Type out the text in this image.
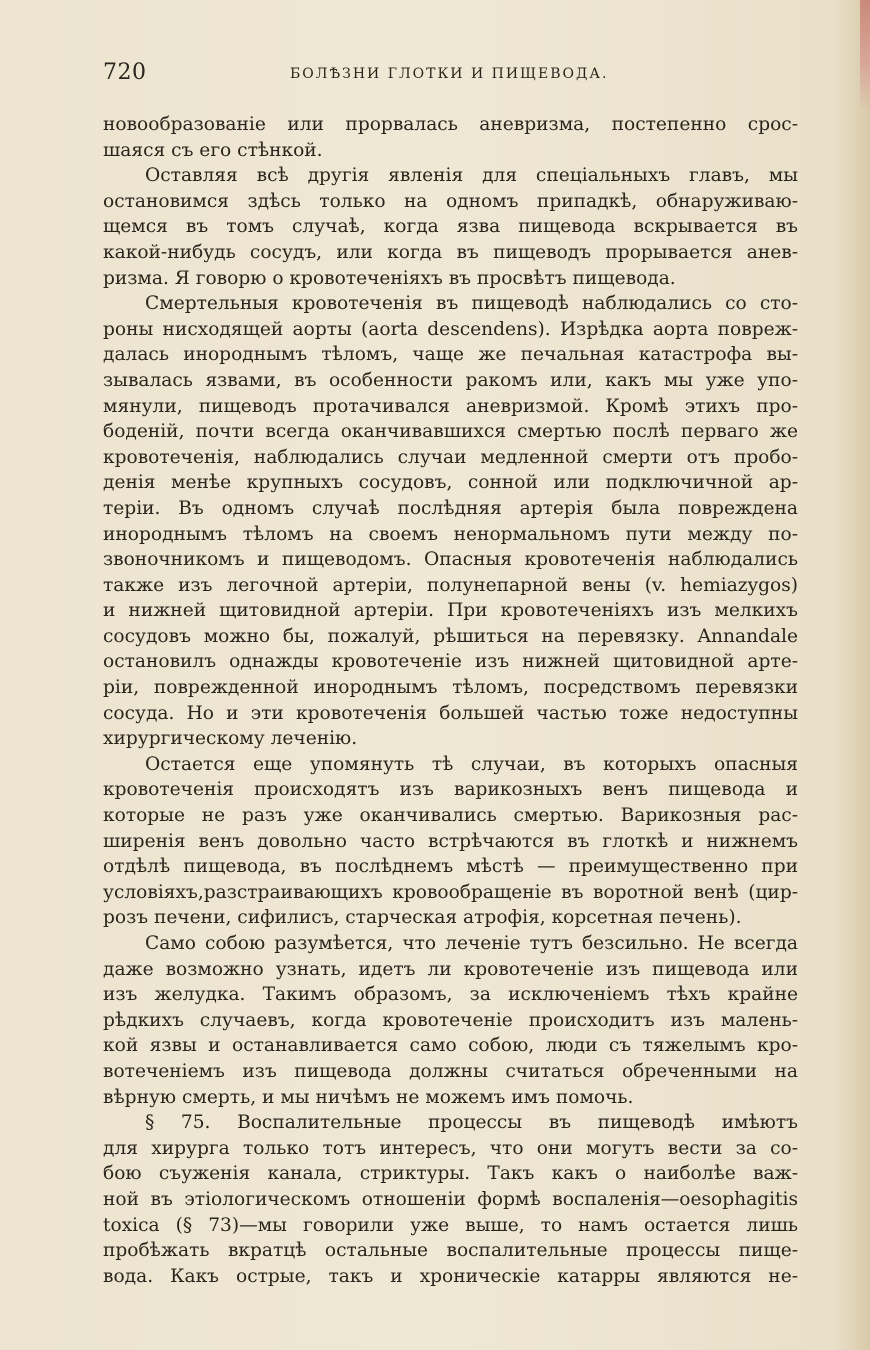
720	БОЛѢЗНИ ГЛОТКИ И ПИЩЕВОДА.
новообразованіе или прорвалась аневризма, постепенно срос-
шаяся съ его стѣнкой.
Оставляя всѣ другія явленія для спеціальныхъ главъ, мы
остановимся здѣсь только на одномъ припадкѣ, обнаруживаю-
щемся въ томъ случаѣ, когда язва пищевода вскрывается въ
какой-нибудь сосудъ, или когда въ пищеводъ прорывается анев-
ризма. Я говорю о кровотеченіяхъ въ просвѣтъ пищевода.
Смертельныя кровотеченія въ пищеводѣ наблюдались со сто-
роны нисходящей аорты (aorta descendens). Изрѣдка аорта повреж-
далась инороднымъ тѣломъ, чаще же печальная катастрофа вы-
зывалась язвами, въ особенности ракомъ или, какъ мы уже упо-
мянули, пищеводъ протачивался аневризмой. Кромѣ этихъ про-
боденій, почти всегда оканчивавшихся смертью послѣ перваго же
кровотеченія, наблюдались случаи медленной смерти отъ пробо-
денія менѣе крупныхъ сосудовъ, сонной или подключичной ар-
теріи. Въ одномъ случаѣ послѣдняя артерія была повреждена
инороднымъ тѣломъ на своемъ ненормальномъ пути между по-
звоночникомъ и пищеводомъ. Опасныя кровотеченія наблюдались
также изъ легочной артеріи, полунепарной вены (v. hemiazygos)
и нижней щитовидной артеріи. При кровотеченіяхъ изъ мелкихъ
сосудовъ можно бы, пожалуй, рѣшиться на перевязку. Annandale
остановилъ однажды кровотеченіе изъ нижней щитовидной арте-
ріи, поврежденной инороднымъ тѣломъ, посредствомъ перевязки
сосуда. Но и эти кровотеченія большей частью тоже недоступны
хирургическому леченію.
Остается еще упомянуть тѣ случаи, въ которыхъ опасныя
кровотеченія происходятъ изъ варикозныхъ венъ пищевода и
которые не разъ уже оканчивались смертью. Варикозныя рас-
ширенія венъ довольно часто встрѣчаются въ глоткѣ и нижнемъ
отдѣлѣ пищевода, въ послѣднемъ мѣстѣ — преимущественно при
условіяхъ,разстраивающихъ кровообращеніе въ воротной венѣ (цир-
розъ печени, сифилисъ, старческая атрофія, корсетная печень).
Само собою разумѣется, что леченіе тутъ безсильно. Не всегда
даже возможно узнать, идетъ ли кровотеченіе изъ пищевода или
изъ желудка. Такимъ образомъ, за исключеніемъ тѣхъ крайне
рѣдкихъ случаевъ, когда кровотеченіе происходитъ изъ малень-
кой язвы и останавливается само собою, люди съ тяжелымъ кро-
вотеченіемъ изъ пищевода должны считаться обреченными на
вѣрную смерть, и мы ничѣмъ не можемъ имъ помочь.
§ 75. Воспалительные процессы въ пищеводѣ имѣютъ
для хирурга только тотъ интересъ, что они могутъ вести за со-
бою съуженія канала, стриктуры. Такъ какъ о наиболѣе важ-
ной въ этіологическомъ отношеніи формѣ воспаленія—oesophagitis
toxica (§ 73)—мы говорили уже выше, то намъ остается лишь
пробѣжать вкратцѣ остальные воспалительные процессы пище-
вода. Какъ острые, такъ и хроническіе катарры являются не-
